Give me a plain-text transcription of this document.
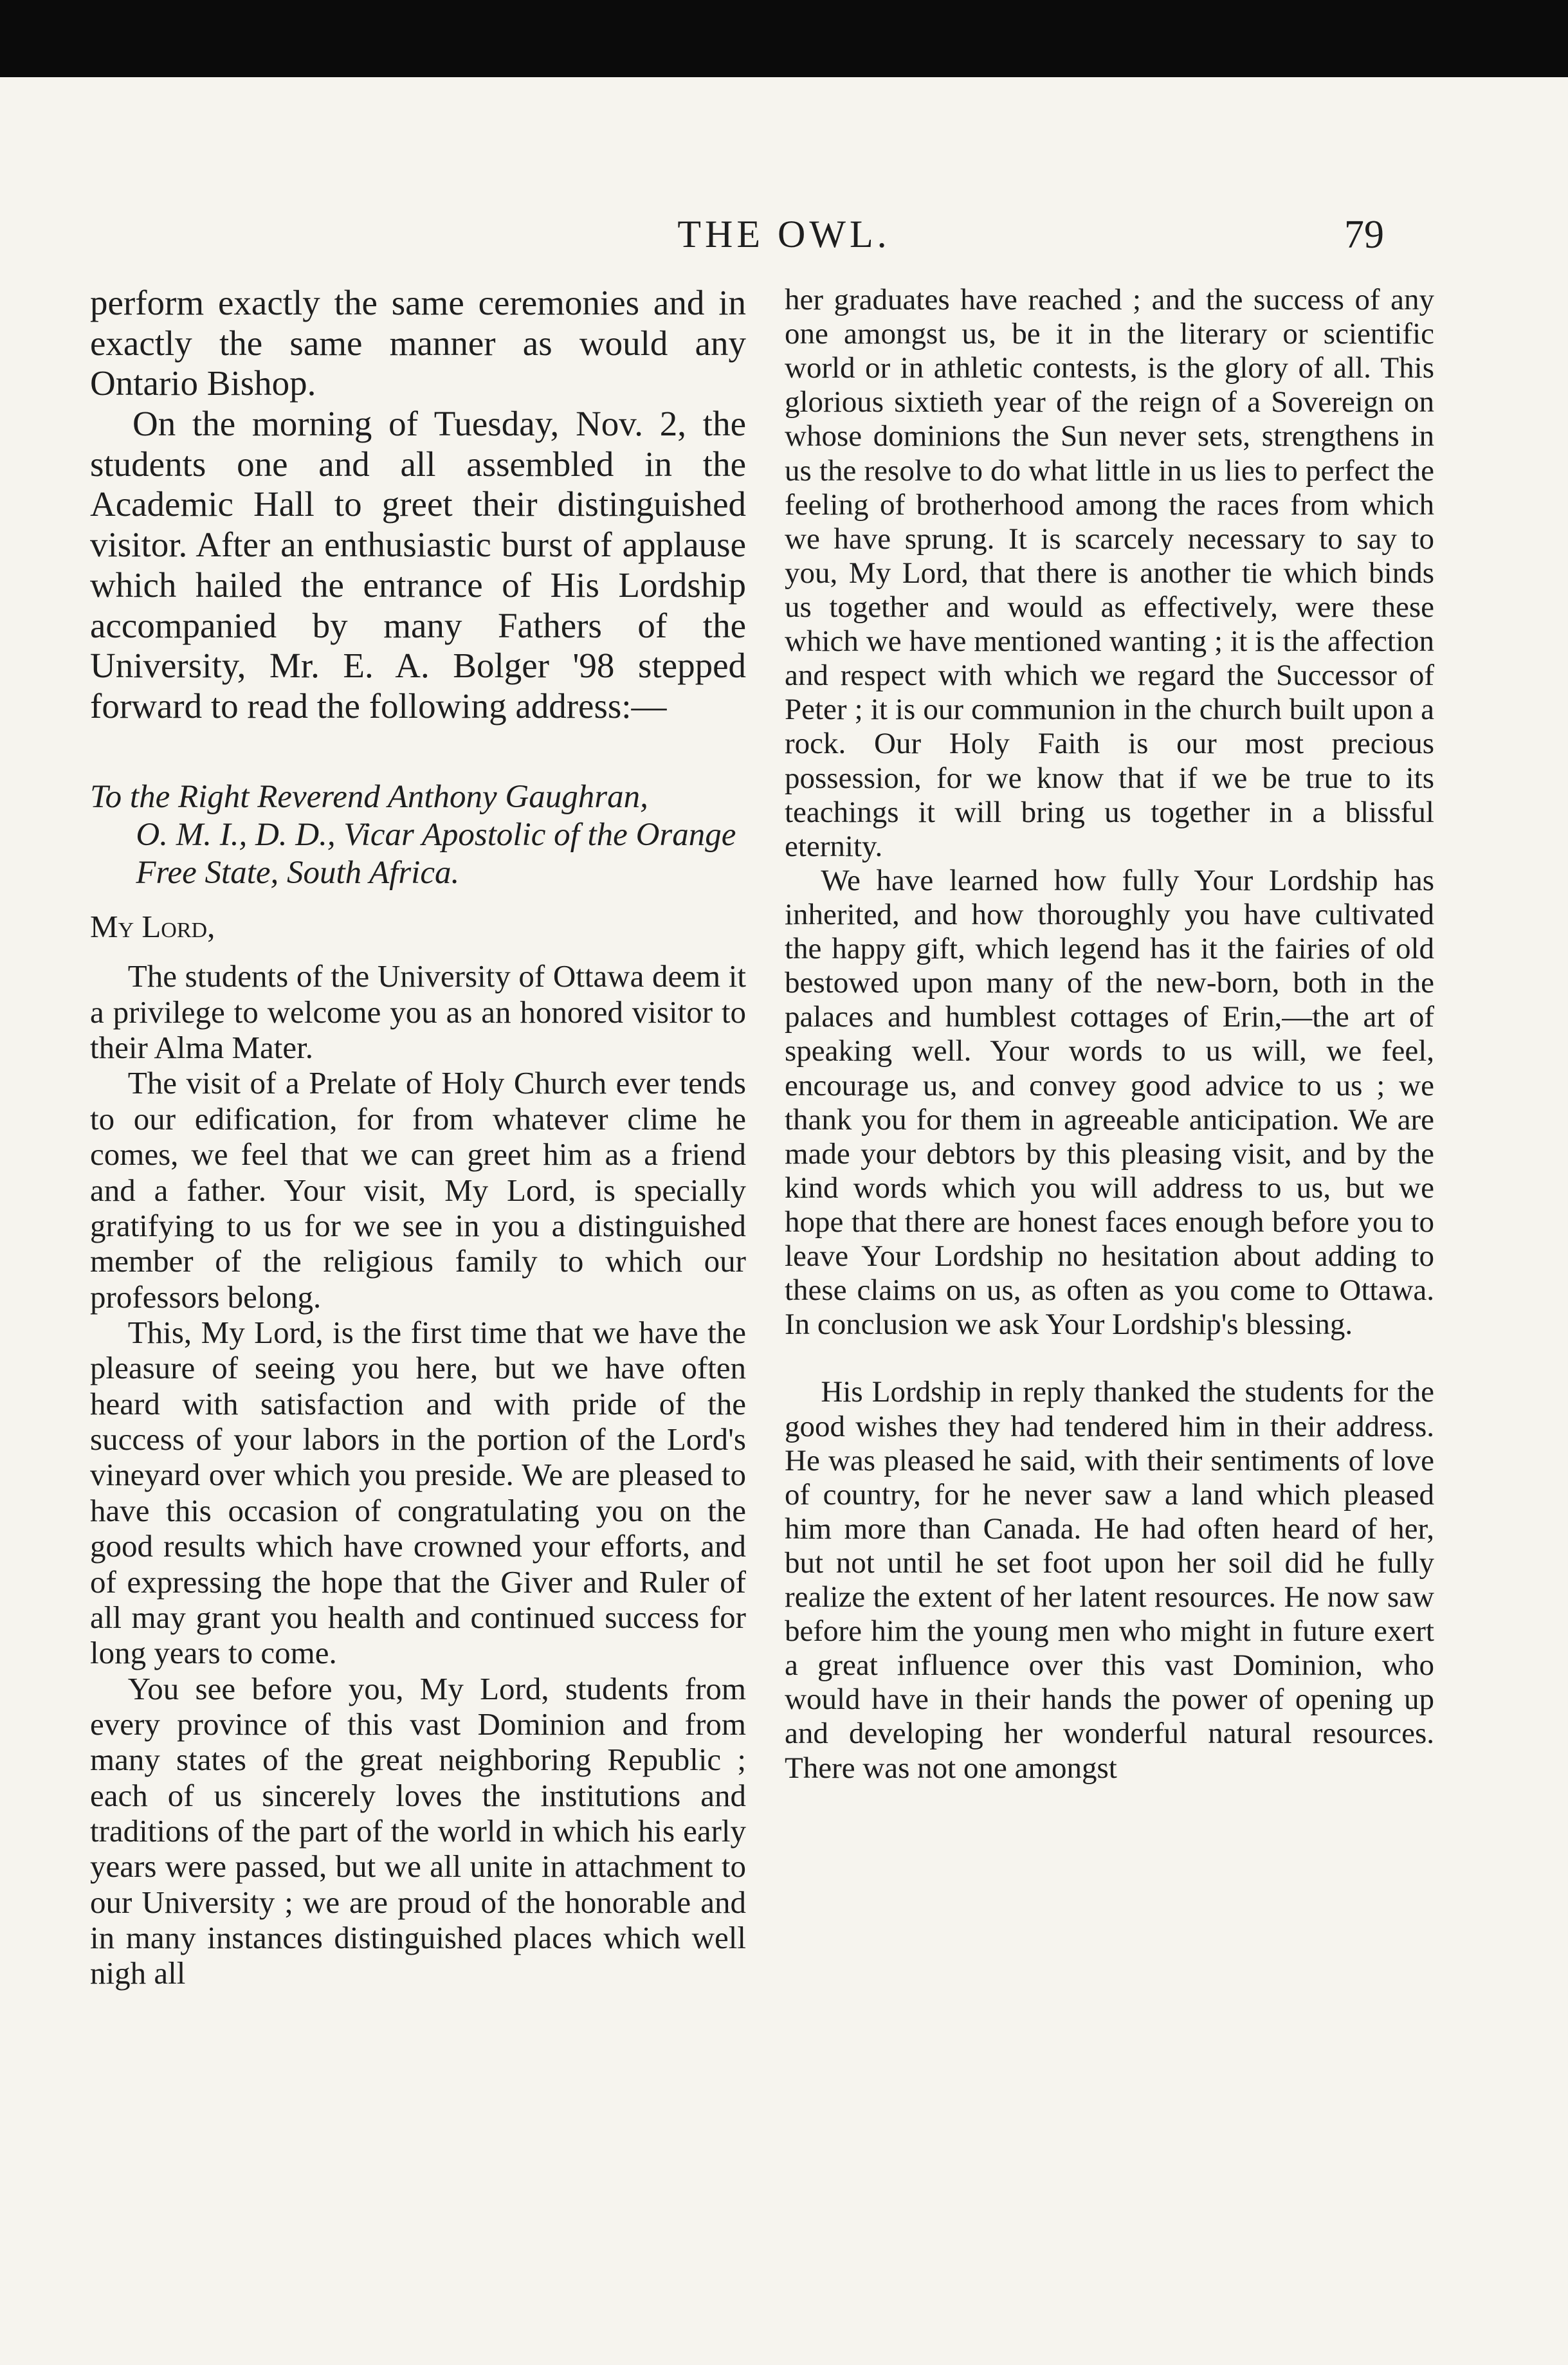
THE OWL.	79

perform exactly the same ceremonies and in exactly the same manner as would any Ontario Bishop.

On the morning of Tuesday, Nov. 2, the students one and all assembled in the Academic Hall to greet their distinguished visitor. After an enthusiastic burst of applause which hailed the entrance of His Lordship accompanied by many Fathers of the University, Mr. E. A. Bolger '98 stepped forward to read the following address:—

To the Right Reverend Anthony Gaughran,
O. M. I., D. D., Vicar Apostolic of the Orange Free State, South Africa.

My Lord,

The students of the University of Ottawa deem it a privilege to welcome you as an honored visitor to their Alma Mater.

The visit of a Prelate of Holy Church ever tends to our edification, for from whatever clime he comes, we feel that we can greet him as a friend and a father. Your visit, My Lord, is specially gratifying to us for we see in you a distinguished member of the religious family to which our professors belong.

This, My Lord, is the first time that we have the pleasure of seeing you here, but we have often heard with satisfaction and with pride of the success of your labors in the portion of the Lord's vineyard over which you preside. We are pleased to have this occasion of congratulating you on the good results which have crowned your efforts, and of expressing the hope that the Giver and Ruler of all may grant you health and continued success for long years to come.

You see before you, My Lord, students from every province of this vast Dominion and from many states of the great neighboring Republic ; each of us sincerely loves the institutions and traditions of the part of the world in which his early years were passed, but we all unite in attachment to our University ; we are proud of the honorable and in many instances distinguished places which well nigh all

her graduates have reached ; and the success of any one amongst us, be it in the literary or scientific world or in athletic contests, is the glory of all. This glorious sixtieth year of the reign of a Sovereign on whose dominions the Sun never sets, strengthens in us the resolve to do what little in us lies to perfect the feeling of brotherhood among the races from which we have sprung. It is scarcely necessary to say to you, My Lord, that there is another tie which binds us together and would as effectively, were these which we have mentioned wanting ; it is the affection and respect with which we regard the Successor of Peter ; it is our communion in the church built upon a rock. Our Holy Faith is our most precious possession, for we know that if we be true to its teachings it will bring us together in a blissful eternity.

We have learned how fully Your Lordship has inherited, and how thoroughly you have cultivated the happy gift, which legend has it the fairies of old bestowed upon many of the new-born, both in the palaces and humblest cottages of Erin,—the art of speaking well. Your words to us will, we feel, encourage us, and convey good advice to us ; we thank you for them in agreeable anticipation. We are made your debtors by this pleasing visit, and by the kind words which you will address to us, but we hope that there are honest faces enough before you to leave Your Lordship no hesitation about adding to these claims on us, as often as you come to Ottawa. In conclusion we ask Your Lordship's blessing.

His Lordship in reply thanked the students for the good wishes they had tendered him in their address. He was pleased he said, with their sentiments of love of country, for he never saw a land which pleased him more than Canada. He had often heard of her, but not until he set foot upon her soil did he fully realize the extent of her latent resources. He now saw before him the young men who might in future exert a great influence over this vast Dominion, who would have in their hands the power of opening up and developing her wonderful natural resources. There was not one amongst
